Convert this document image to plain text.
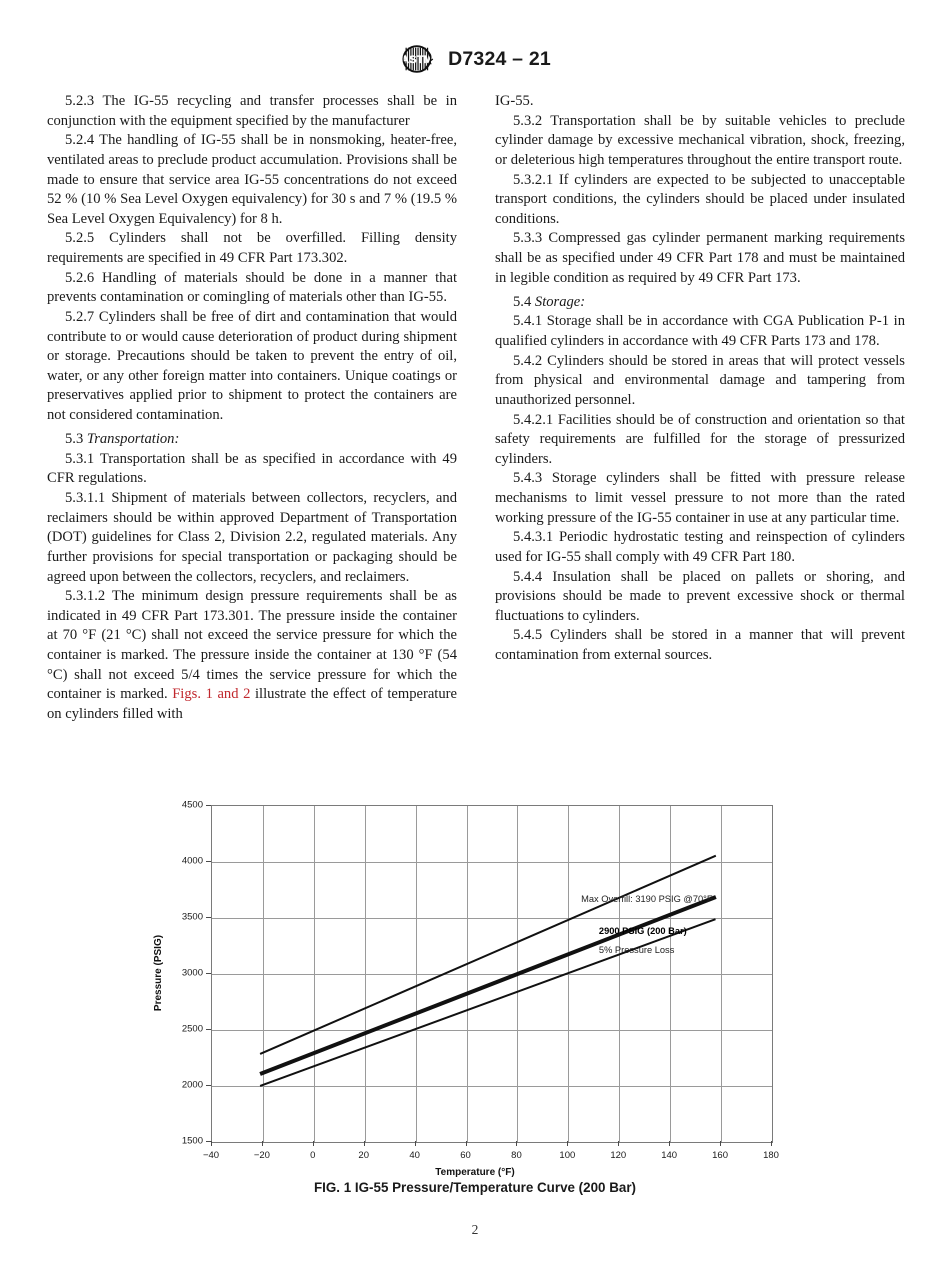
ASTM D7324 – 21

5.2.3 The IG-55 recycling and transfer processes shall be in conjunction with the equipment specified by the manufacturer

5.2.4 The handling of IG-55 shall be in nonsmoking, heater-free, ventilated areas to preclude product accumulation. Provisions shall be made to ensure that service area IG-55 concentrations do not exceed 52 % (10 % Sea Level Oxygen equivalency) for 30 s and 7 % (19.5 % Sea Level Oxygen Equivalency) for 8 h.

5.2.5 Cylinders shall not be overfilled. Filling density requirements are specified in 49 CFR Part 173.302.

5.2.6 Handling of materials should be done in a manner that prevents contamination or comingling of materials other than IG-55.

5.2.7 Cylinders shall be free of dirt and contamination that would contribute to or would cause deterioration of product during shipment or storage. Precautions should be taken to prevent the entry of oil, water, or any other foreign matter into containers. Unique coatings or preservatives applied prior to shipment to protect the containers are not considered contamination.

5.3 Transportation:

5.3.1 Transportation shall be as specified in accordance with 49 CFR regulations.

5.3.1.1 Shipment of materials between collectors, recyclers, and reclaimers should be within approved Department of Transportation (DOT) guidelines for Class 2, Division 2.2, regulated materials. Any further provisions for special transportation or packaging should be agreed upon between the collectors, recyclers, and reclaimers.

5.3.1.2 The minimum design pressure requirements shall be as indicated in 49 CFR Part 173.301. The pressure inside the container at 70 °F (21 °C) shall not exceed the service pressure for which the container is marked. The pressure inside the container at 130 °F (54 °C) shall not exceed 5/4 times the service pressure for which the container is marked. Figs. 1 and 2 illustrate the effect of temperature on cylinders filled with

IG-55.

5.3.2 Transportation shall be by suitable vehicles to preclude cylinder damage by excessive mechanical vibration, shock, freezing, or deleterious high temperatures throughout the entire transport route.

5.3.2.1 If cylinders are expected to be subjected to unacceptable transport conditions, the cylinders should be placed under insulated conditions.

5.3.3 Compressed gas cylinder permanent marking requirements shall be as specified under 49 CFR Part 178 and must be maintained in legible condition as required by 49 CFR Part 173.

5.4 Storage:

5.4.1 Storage shall be in accordance with CGA Publication P-1 in qualified cylinders in accordance with 49 CFR Parts 173 and 178.

5.4.2 Cylinders should be stored in areas that will protect vessels from physical and environmental damage and tampering from unauthorized personnel.

5.4.2.1 Facilities should be of construction and orientation so that safety requirements are fulfilled for the storage of pressurized cylinders.

5.4.3 Storage cylinders shall be fitted with pressure release mechanisms to limit vessel pressure to not more than the rated working pressure of the IG-55 container in use at any particular time.

5.4.3.1 Periodic hydrostatic testing and reinspection of cylinders used for IG-55 shall comply with 49 CFR Part 180.

5.4.4 Insulation shall be placed on pallets or shoring, and provisions should be made to prevent excessive shock or thermal fluctuations to cylinders.

5.4.5 Cylinders shall be stored in a manner that will prevent contamination from external sources.

Max Overfill: 3190 PSIG @70°F
2900 PSIG (200 Bar)
5% Pressure Loss
Pressure (PSIG)
Temperature (°F)
1500
2000
2500
3000
3500
4000
4500
−40	−20	0	20	40	60	80	100	120	140	160	180
FIG. 1 IG-55 Pressure/Temperature Curve (200 Bar)
2
